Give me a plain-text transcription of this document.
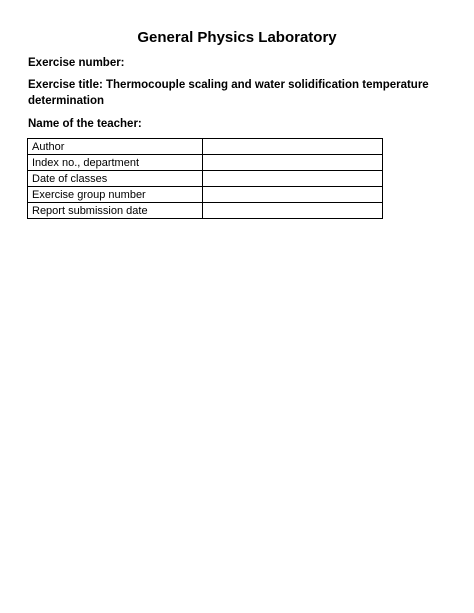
General Physics Laboratory

Exercise number:

Exercise title: Thermocouple scaling and water solidification temperature determination

Name of the teacher:

Author	
Index no., department	
Date of classes	
Exercise group number	
Report submission date	
